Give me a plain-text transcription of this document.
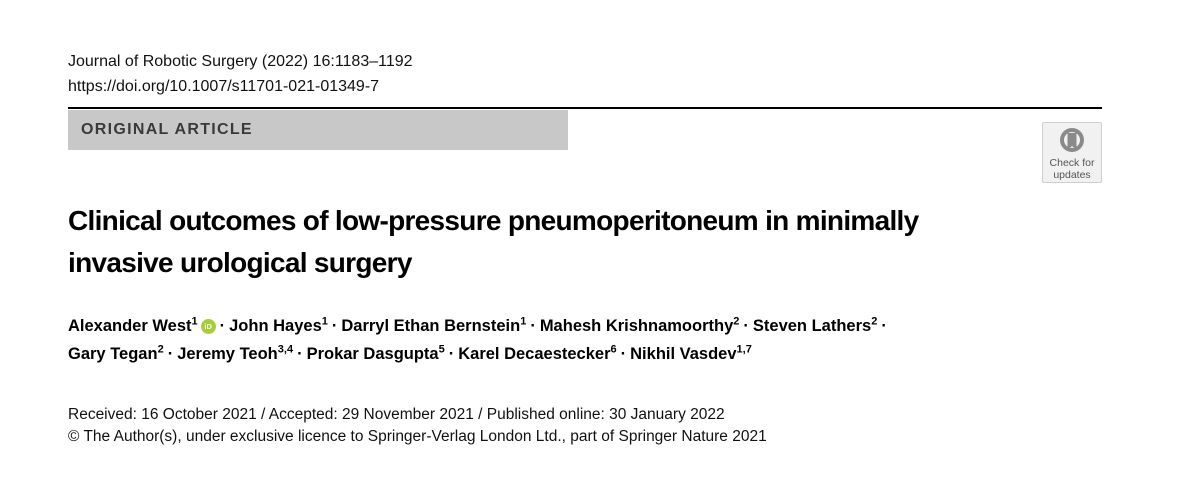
Journal of Robotic Surgery (2022) 16:1183–1192
https://doi.org/10.1007/s11701-021-01349-7
ORIGINAL ARTICLE
Check for
updates
Clinical outcomes of low-pressure pneumoperitoneum in minimally
invasive urological surgery
Alexander West$^1$ iD · John Hayes$^1$ · Darryl Ethan Bernstein$^1$ · Mahesh Krishnamoorthy$^2$ · Steven Lathers$^2$ ·
Gary Tegan$^2$ · Jeremy Teoh$^{3,4}$ · Prokar Dasgupta$^5$ · Karel Decaestecker$^6$ · Nikhil Vasdev$^{1,7}$
Received: 16 October 2021 / Accepted: 29 November 2021 / Published online: 30 January 2022
© The Author(s), under exclusive licence to Springer-Verlag London Ltd., part of Springer Nature 2021
